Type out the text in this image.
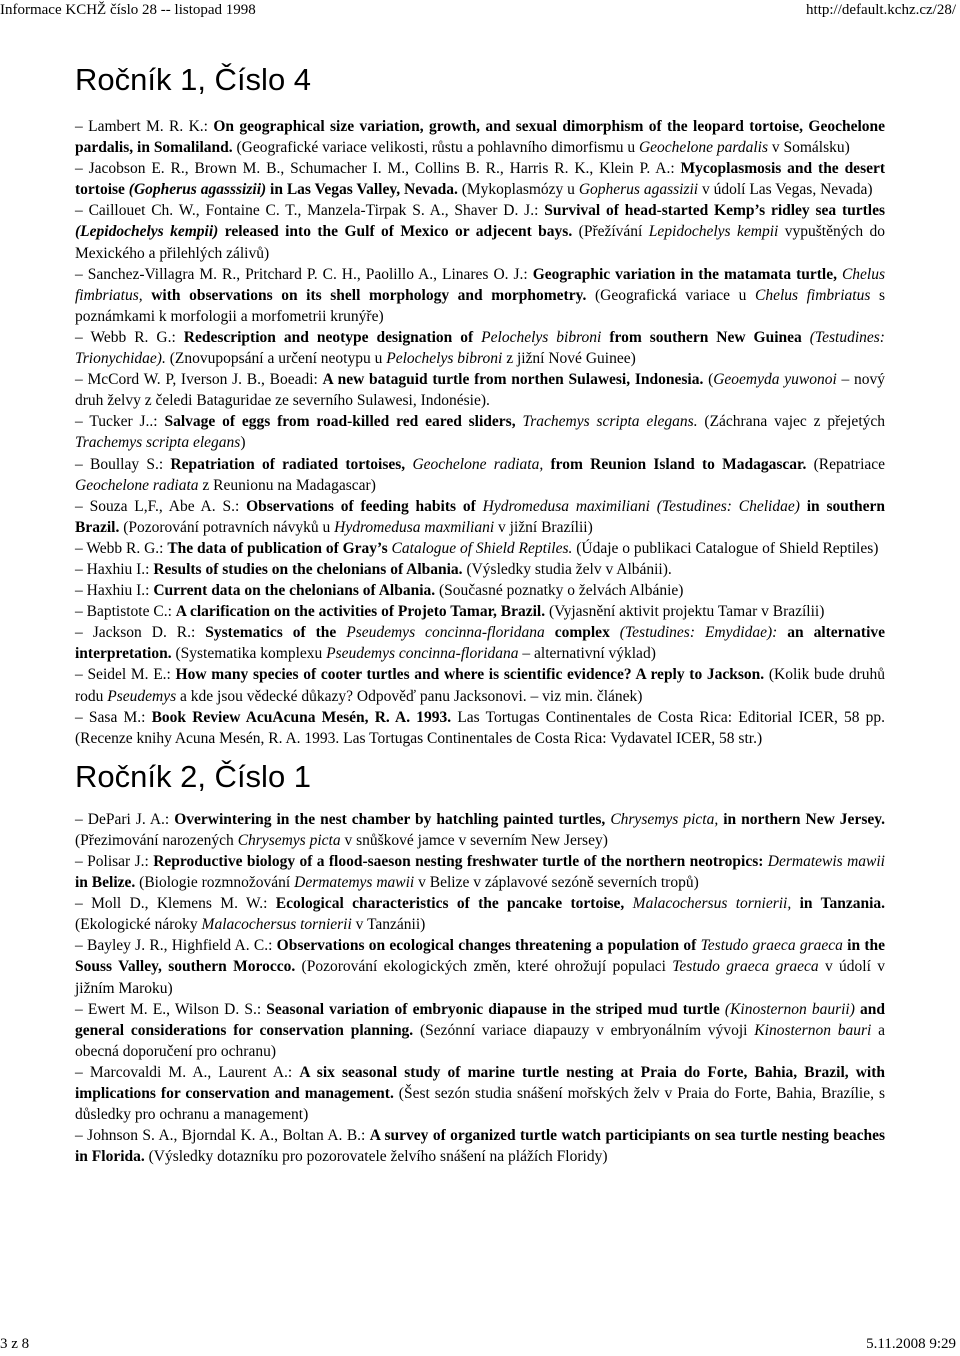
Informace KCHŽ číslo 28 -- listopad 1998	http://default.kchz.cz/28/
Ročník 1, Číslo 4
– Lambert M. R. K.: On geographical size variation, growth, and sexual dimorphism of the leopard tortoise, Geochelone pardalis, in Somaliland. (Geografické variace velikosti, růstu a pohlavního dimorfismu u Geochelone pardalis v Somálsku)
– Jacobson E. R., Brown M. B., Schumacher I. M., Collins B. R., Harris R. K., Klein P. A.: Mycoplasmosis and the desert tortoise (Gopherus agasssizii) in Las Vegas Valley, Nevada. (Mykoplasmózy u Gopherus agassizii v údolí Las Vegas, Nevada)
– Caillouet Ch. W., Fontaine C. T., Manzela-Tirpak S. A., Shaver D. J.: Survival of head-started Kemp’s ridley sea turtles (Lepidochelys kempii) released into the Gulf of Mexico or adjecent bays. (Přežívání Lepidochelys kempii vypuštěných do Mexického a přilehlých zálivů)
– Sanchez-Villagra M. R., Pritchard P. C. H., Paolillo A., Linares O. J.: Geographic variation in the matamata turtle, Chelus fimbriatus, with observations on its shell morphology and morphometry. (Geografická variace u Chelus fimbriatus s poznámkami k morfologii a morfometrii krunýře)
– Webb R. G.: Redescription and neotype designation of Pelochelys bibroni from southern New Guinea (Testudines: Trionychidae). (Znovupopsání a určení neotypu u Pelochelys bibroni z jižní Nové Guinee)
– McCord W. P, Iverson J. B., Boeadi: A new bataguid turtle from northen Sulawesi, Indonesia. (Geoemyda yuwonoi – nový druh želvy z čeledi Bataguridae ze severního Sulawesi, Indonésie).
– Tucker J..: Salvage of eggs from road-killed red eared sliders, Trachemys scripta elegans. (Záchrana vajec z přejetých Trachemys scripta elegans)
– Boullay S.: Repatriation of radiated tortoises, Geochelone radiata, from Reunion Island to Madagascar. (Repatriace Geochelone radiata z Reunionu na Madagascar)
– Souza L,F., Abe A. S.: Observations of feeding habits of Hydromedusa maximiliani (Testudines: Chelidae) in southern Brazil. (Pozorování potravních návyků u Hydromedusa maxmiliani v jižní Brazílii)
– Webb R. G.: The data of publication of Gray’s Catalogue of Shield Reptiles. (Údaje o publikaci Catalogue of Shield Reptiles)
– Haxhiu I.: Results of studies on the chelonians of Albania. (Výsledky studia želv v Albánii).
– Haxhiu I.: Current data on the chelonians of Albania. (Současné poznatky o želvách Albánie)
– Baptistote C.: A clarification on the activities of Projeto Tamar, Brazil. (Vyjasnění aktivit projektu Tamar v Brazílii)
– Jackson D. R.: Systematics of the Pseudemys concinna-floridana complex (Testudines: Emydidae): an alternative interpretation. (Systematika komplexu Pseudemys concinna-floridana – alternativní výklad)
– Seidel M. E.: How many species of cooter turtles and where is scientific evidence? A reply to Jackson. (Kolik bude druhů rodu Pseudemys a kde jsou vědecké důkazy? Odpověď panu Jacksonovi. – viz min. článek)
– Sasa M.: Book Review AcuAcuna Mesén, R. A. 1993. Las Tortugas Continentales de Costa Rica: Editorial ICER, 58 pp. (Recenze knihy Acuna Mesén, R. A. 1993. Las Tortugas Continentales de Costa Rica: Vydavatel ICER, 58 str.)
Ročník 2, Číslo 1
– DePari J. A.: Overwintering in the nest chamber by hatchling painted turtles, Chrysemys picta, in northern New Jersey. (Přezimování narozených Chrysemys picta v snůškové jamce v severním New Jersey)
– Polisar J.: Reproductive biology of a flood-saeson nesting freshwater turtle of the northern neotropics: Dermatewis mawii in Belize. (Biologie rozmnožování Dermatemys mawii v Belize v záplavové sezóně severních tropů)
– Moll D., Klemens M. W.: Ecological characteristics of the pancake tortoise, Malacochersus tornierii, in Tanzania. (Ekologické nároky Malacochersus tornierii v Tanzánii)
– Bayley J. R., Highfield A. C.: Observations on ecological changes threatening a population of Testudo graeca graeca in the Souss Valley, southern Morocco. (Pozorování ekologických změn, které ohrožují populaci Testudo graeca graeca v údolí v jižním Maroku)
– Ewert M. E., Wilson D. S.: Seasonal variation of embryonic diapause in the striped mud turtle (Kinosternon baurii) and general considerations for conservation planning. (Sezónní variace diapauzy v embryonálním vývoji Kinosternon bauri a obecná doporučení pro ochranu)
– Marcovaldi M. A., Laurent A.: A six seasonal study of marine turtle nesting at Praia do Forte, Bahia, Brazil, with implications for conservation and management. (Šest sezón studia snášení mořských želv v Praia do Forte, Bahia, Brazílie, s důsledky pro ochranu a management)
– Johnson S. A., Bjorndal K. A., Boltan A. B.: A survey of organized turtle watch participiants on sea turtle nesting beaches in Florida. (Výsledky dotazníku pro pozorovatele želvího snášení na plážích Floridy)
3 z 8	5.11.2008 9:29
